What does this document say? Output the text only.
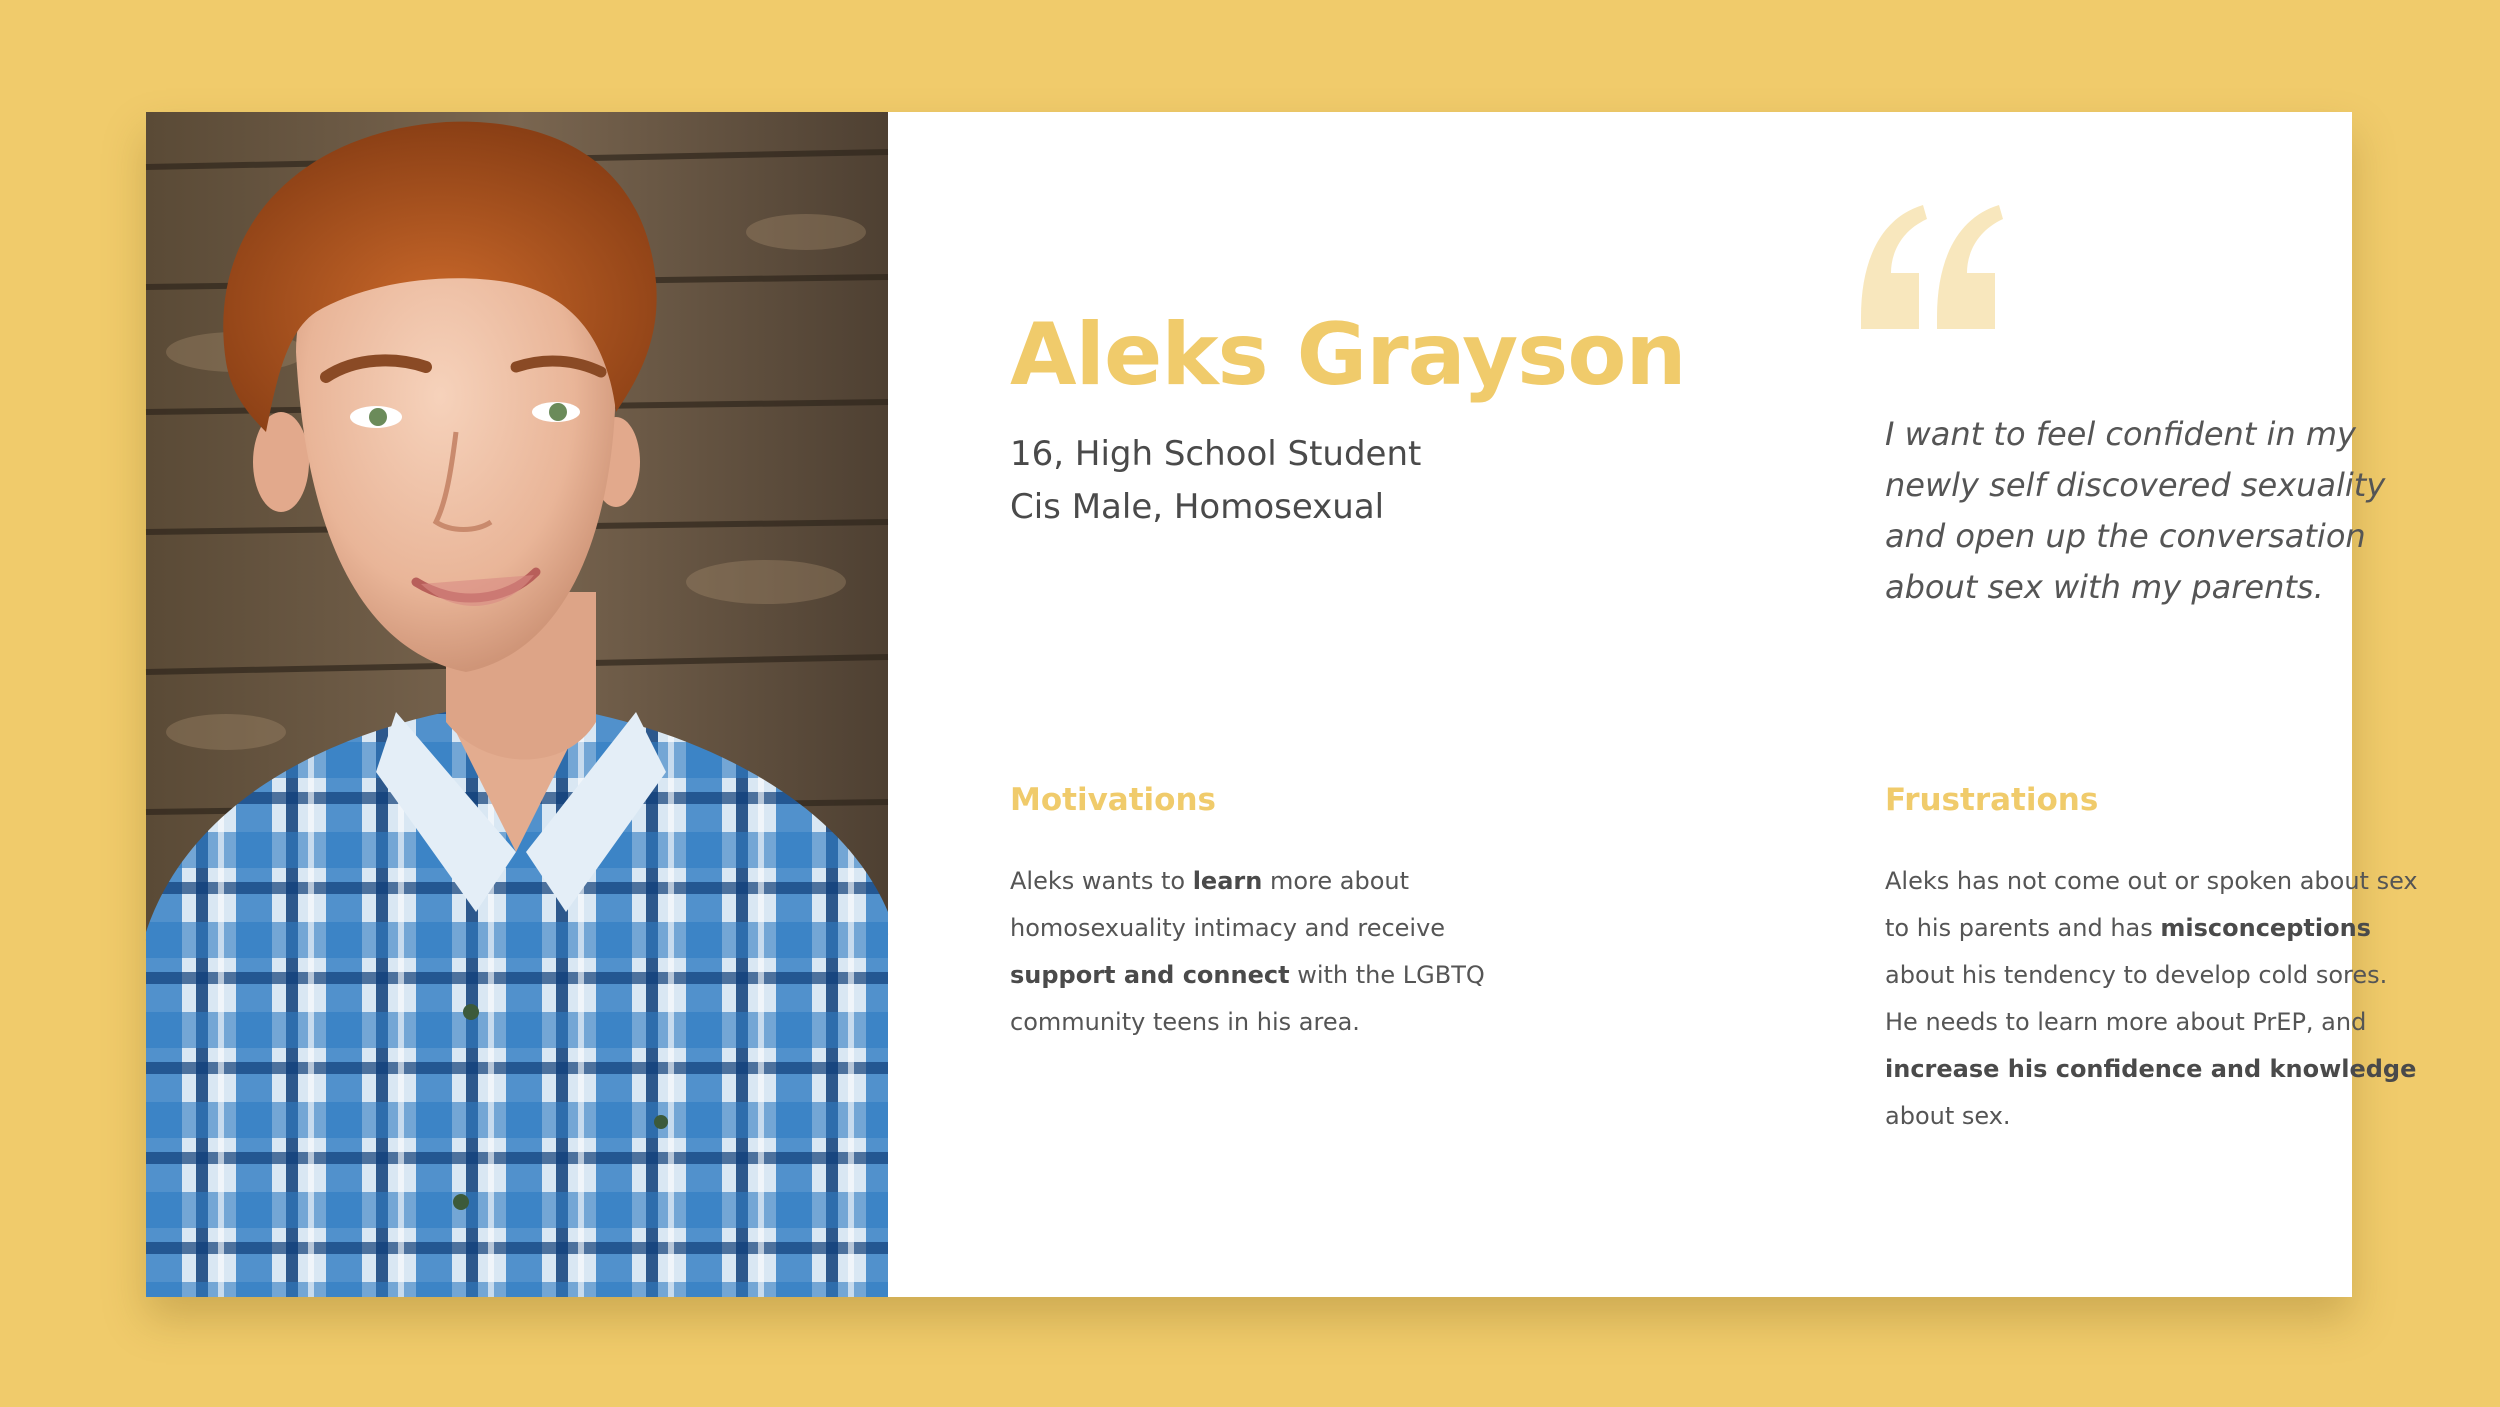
Aleks Grayson
16, High School Student
Cis Male, Homosexual

I want to feel confident in my newly self discovered sexuality and open up the conversation about sex with my parents.

Motivations

Aleks wants to learn more about homosexuality intimacy and receive support and connect with the LGBTQ community teens in his area.

Frustrations

Aleks has not come out or spoken about sex to his parents and has misconceptions about his tendency to develop cold sores. He needs to learn more about PrEP, and increase his confidence and knowledge about sex.
